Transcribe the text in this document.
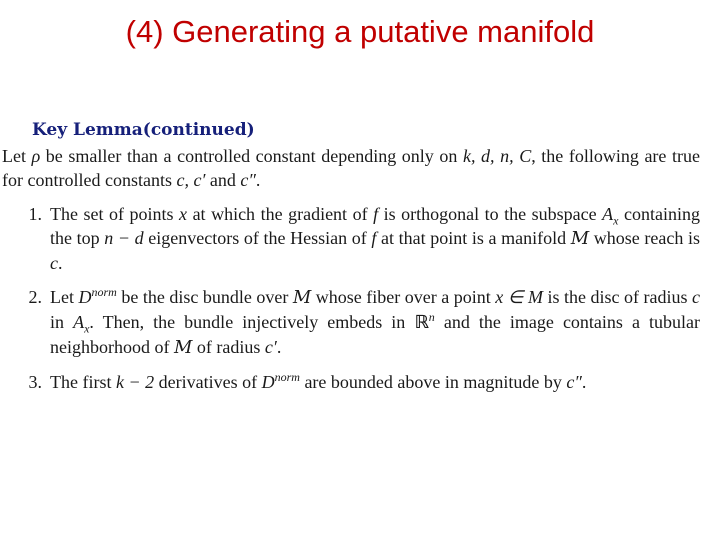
(4) Generating a putative manifold
Key Lemma(continued)
Let ρ be smaller than a controlled constant depending only on k, d, n, C, the following are true for controlled constants c, c′ and c″.
1 . The set of points x at which the gradient of f is orthogonal to the subspace $A_x$ containing the top n − d eigenvectors of the Hessian of f at that point is a manifold M whose reach is c.
2 . Let $D^{norm}$ be the disc bundle over M whose fiber over a point x ∈ M is the disc of radius c in $A_x$. Then, the bundle injectively embeds in ℝ$^n$ and the image contains a tubular neighborhood of M of radius c′.
3 . The first k − 2 derivatives of $D^{norm}$ are bounded above in magnitude by c″.
